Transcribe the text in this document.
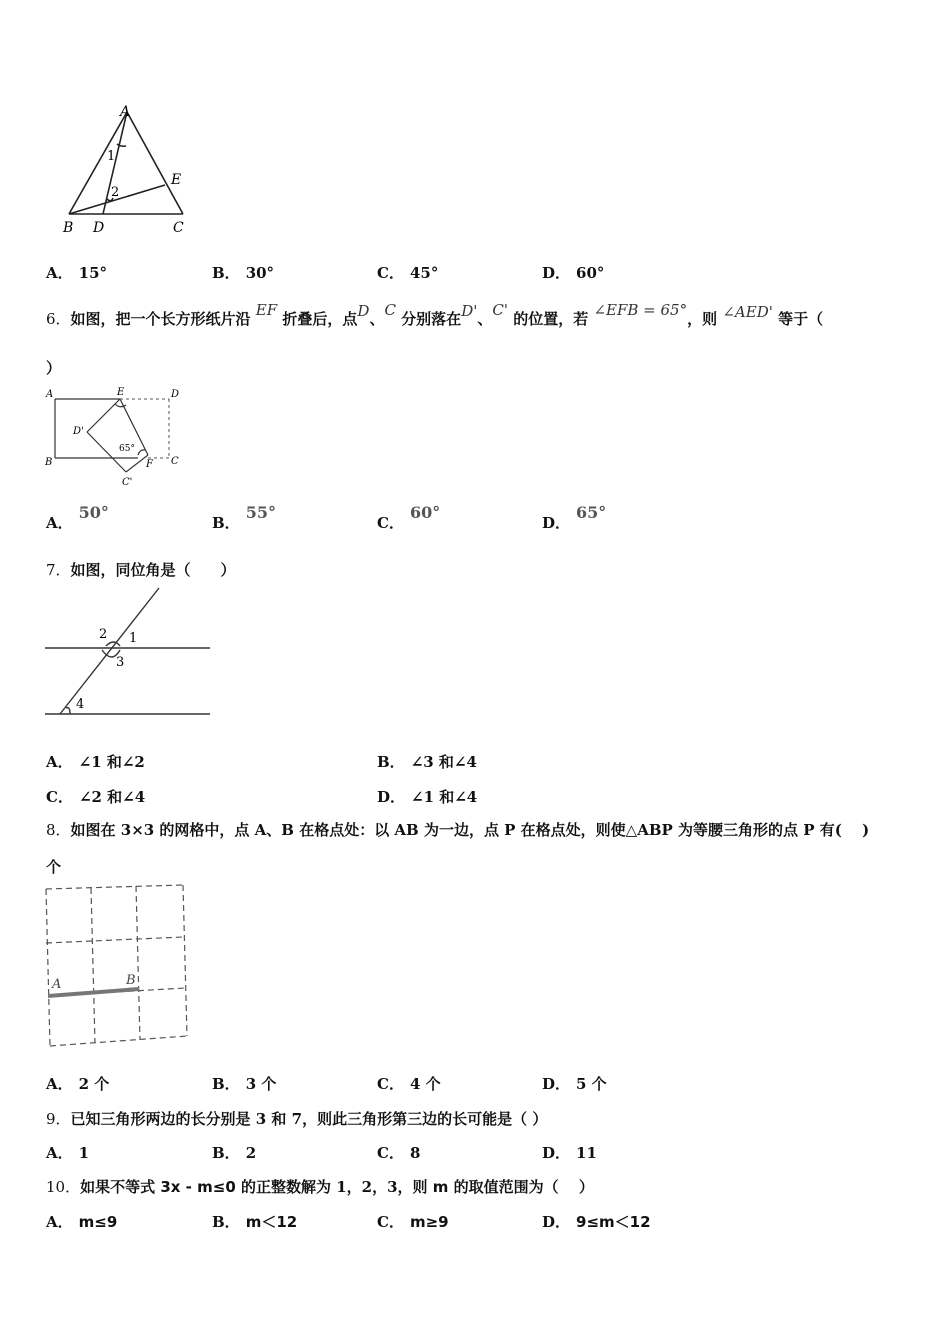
A
1
2
E
B D	C
A． 15°	B． 30°	C． 45°	D． 60°
6．如图，把一个长方形纸片沿 EF 折叠后，点D、C 分别落在D'、C' 的位置，若 ∠EFB = 65°，则 ∠AED' 等于（
）
A	E	D
D'
65°
B	F C
C'
A．50°
B．55°
C．60°
D．65°
7．如图，同位角是（　　）
2 1
3
4
A． ∠1 和∠2	B． ∠3 和∠4
C． ∠2 和∠4	D． ∠1 和∠4
8．如图在 3×3 的网格中，点 A、B 在格点处：以 AB 为一边，点 P 在格点处，则使△ABP 为等腰三角形的点 P 有(　 )
个
A	B
A． 2 个	B． 3 个	C． 4 个	D． 5 个
9．已知三角形两边的长分别是 3 和 7，则此三角形第三边的长可能是（ ）
A． 1	B． 2	C． 8	D． 11
10．如果不等式 3x - m≤0 的正整数解为 1，2，3，则 m 的取值范围为（　 ）
A． m≤9	B． m＜12	C． m≥9	D． 9≤m＜12
